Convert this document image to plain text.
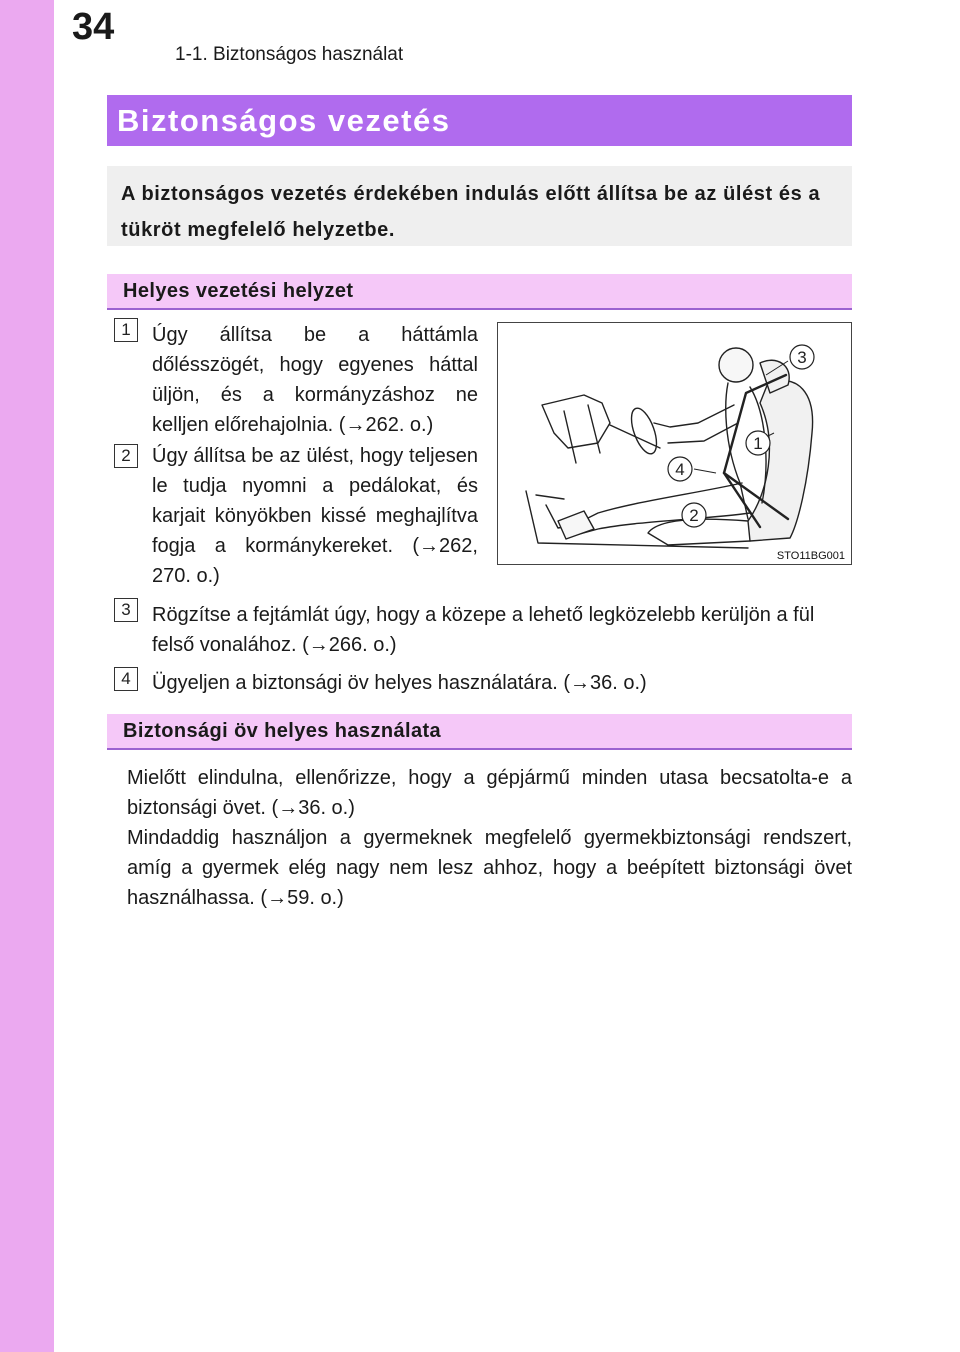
34
1-1. Biztonságos használat
Biztonságos vezetés
A biztonságos vezetés érdekében indulás előtt állítsa be az ülést és a tükröt megfelelő helyzetbe.
Helyes vezetési helyzet
1	Úgy állítsa be a háttámla dőlésszögét, hogy egyenes háttal üljön, és a kormányzáshoz ne kelljen előrehajolnia. (→262. o.)
2	Úgy állítsa be az ülést, hogy teljesen le tudja nyomni a pedálokat, és karjait könyökben kissé meghajlítva fogja a kormánykereket. (→262, 270. o.)
3
1
4
2
STO11BG001
3	Rögzítse a fejtámlát úgy, hogy a közepe a lehető legközelebb kerüljön a fül felső vonalához. (→266. o.)
4	Ügyeljen a biztonsági öv helyes használatára. (→36. o.)
Biztonsági öv helyes használata
Mielőtt elindulna, ellenőrizze, hogy a gépjármű minden utasa becsatolta-e a biztonsági övet. (→36. o.)
Mindaddig használjon a gyermeknek megfelelő gyermekbiztonsági rendszert, amíg a gyermek elég nagy nem lesz ahhoz, hogy a beépített biztonsági övet használhassa. (→59. o.)
